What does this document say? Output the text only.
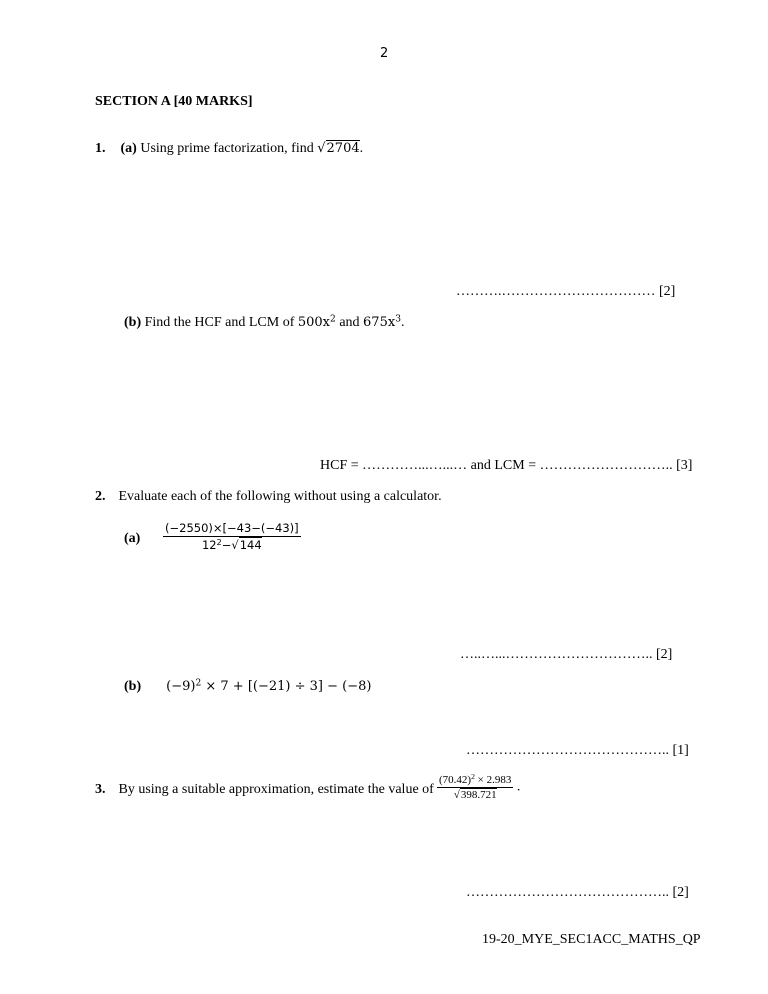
2
SECTION A [40 MARKS]
1. (a) Using prime factorization, find √2704.
……….…………………………… [2]
(b) Find the HCF and LCM of $500x^2$ and $675x^3$.
HCF = …………...…...… and LCM = ……………………….. [3]
2. Evaluate each of the following without using a calculator.
$(a) \frac{(-2550)\times[-43-(-43)]}{12^2-√144}$
…..…...………………………….. [2]
(b) $(-9)^2 \times 7 + [(-21) \div 3] - (-8)$
…………………………………….. [1]
3. By using a suitable approximation, estimate the value of $\frac{(70.42)^2 \times 2.983}{√398.721}$ .
…………………………………….. [2]
19-20_MYE_SEC1ACC_MATHS_QP
